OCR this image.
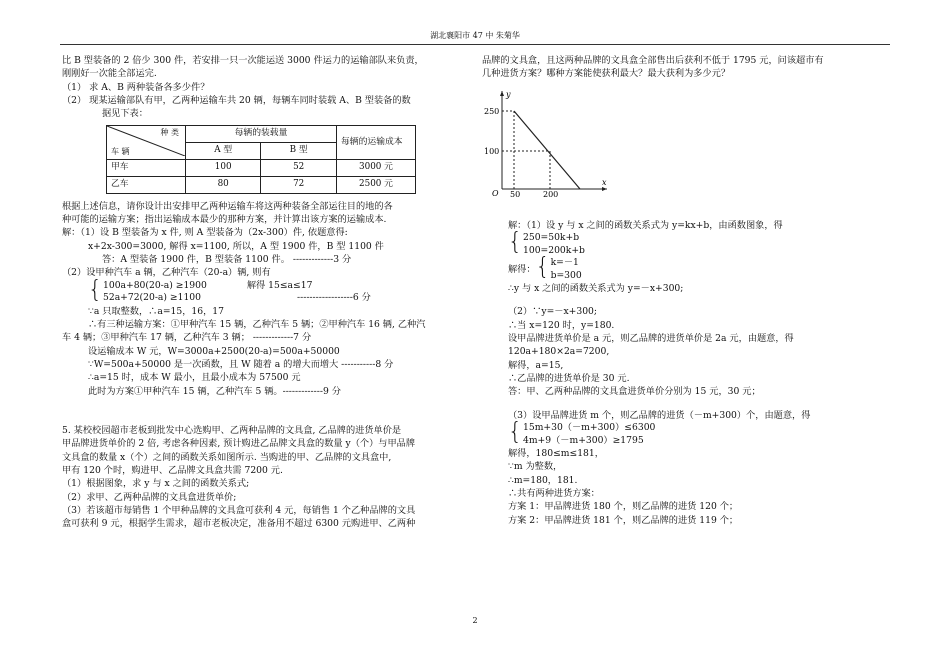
湖北襄阳市 47 中 朱菊华

比 B 型装备的 2 倍少 300 件，若安排一只一次能运送 3000 件运力的运输部队来负责，

刚刚好一次能全部运完.

（1） 求 A、B 两种装备各多少件？

（2） 现某运输部队有甲，乙两种运输车共 20 辆，每辆车同时装载 A、B 型装备的数

据见下表：

种 类
车 辆	每辆的装载量		每辆的运输成本
	A 型	B 型	
甲车	100	52	3000 元
乙车	80	72	2500 元

根据上述信息，请你设计出安排甲乙两种运输车将这两种装备全部运往目的地的各

种可能的运输方案；指出运输成本最少的那种方案，并计算出该方案的运输成本.

解：（1）设 B 型装备为 x 件, 则 A 型装备为（2x-300）件, 依题意得:

x+2x-300=3000, 解得 x=1100, 所以，A 型 1900 件，B 型 1100 件

答：A 型装备 1900 件，B 型装备 1100 件。 -------------3 分

（2）设甲种汽车 a 辆，乙种汽车（20-a）辆, 则有

{ 100a+80(20-a) ≥1900	解得 15≤a≤17

52a+72(20-a) ≥1100	------------------6 分

∵a 只取整数，∴a=15，16，17

∴有三种运输方案：①甲种汽车 15 辆，乙种汽车 5 辆；②甲种汽车 16 辆, 乙种汽

车 4 辆；③甲种汽车 17 辆，乙种汽车 3 辆； -------------7 分

设运输成本 W 元，W=3000a+2500(20-a)=500a+50000

∵W=500a+50000 是一次函数，且 W 随着 a 的增大而增大 -----------8 分

∴a=15 时，成本 W 最小，且最小成本为 57500 元

此时为方案①甲种汽车 15 辆，乙种汽车 5 辆。-------------9 分

5. 某校校园超市老板到批发中心选购甲、乙两种品牌的文具盒, 乙品牌的进货单价是

甲品牌进货单价的 2 倍, 考虑各种因素, 预计购进乙品牌文具盒的数量 y（个）与甲品牌

文具盒的数量 x（个）之间的函数关系如图所示. 当购进的甲、乙品牌的文具盒中,

甲有 120 个时，购进甲、乙品牌文具盒共需 7200 元.

（1）根据图象，求 y 与 x 之间的函数关系式;

（2）求甲、乙两种品牌的文具盒进货单价;

（3）若该超市每销售 1 个甲种品牌的文具盒可获利 4 元，每销售 1 个乙种品牌的文具

盒可获利 9 元，根据学生需求，超市老板决定，准备用不超过 6300 元购进甲、乙两种

品牌的文具盒，且这两种品牌的文具盒全部售出后获利不低于 1795 元，问该超市有

几种进货方案？哪种方案能使获利最大？最大获利为多少元？

y
x
O
250
100
50	200

解：（1）设 y 与 x 之间的函数关系式为 y=kx+b，由函数图象，得

{ 250=50k+b

100=200k+b

解得： { k=－1

b=300

∴y 与 x 之间的函数关系式为 y=－x+300;

（2）∵y=－x+300;

∴当 x=120 时，y=180.

设甲品牌进货单价是 a 元，则乙品牌的进货单价是 2a 元，由题意，得

120a+180×2a=7200,

解得，a=15,

∴乙品牌的进货单价是 30 元.

答：甲、乙两种品牌的文具盒进货单价分别为 15 元，30 元；

（3）设甲品牌进货 m 个，则乙品牌的进货（－m+300）个，由题意，得

{ 15m+30（－m+300）≤6300

4m+9（－m+300）≥1795

解得，180≤m≤181，

∵m 为整数，

∴m=180，181.

∴共有两种进货方案：

方案 1：甲品牌进货 180 个，则乙品牌的进货 120 个；

方案 2：甲品牌进货 181 个，则乙品牌的进货 119 个；

2
